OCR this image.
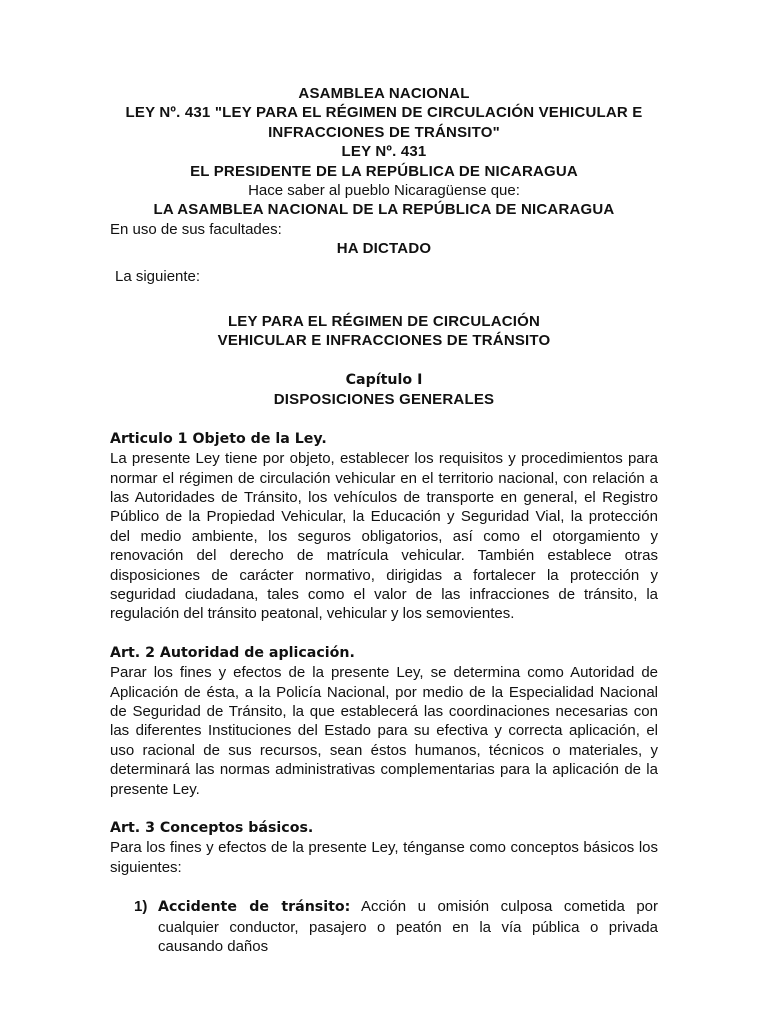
ASAMBLEA NACIONAL
LEY Nº. 431 "LEY PARA EL RÉGIMEN DE CIRCULACIÓN VEHICULAR E
INFRACCIONES DE TRÁNSITO"
LEY Nº. 431
EL PRESIDENTE DE LA REPÚBLICA DE NICARAGUA
Hace saber al pueblo Nicaragüense que:
LA ASAMBLEA NACIONAL DE LA REPÚBLICA DE NICARAGUA
En uso de sus facultades:
HA DICTADO
La siguiente:
LEY PARA EL RÉGIMEN DE CIRCULACIÓN
VEHICULAR E INFRACCIONES DE TRÁNSITO
Capítulo I
DISPOSICIONES GENERALES
Articulo 1 Objeto de la Ley.
La presente Ley tiene por objeto, establecer los requisitos y procedimientos para normar el régimen de circulación vehicular en el territorio nacional, con relación a las Autoridades de Tránsito, los vehículos de transporte en general, el Registro Público de la Propiedad Vehicular, la Educación y Seguridad Vial, la protección del medio ambiente, los seguros obligatorios, así como el otorgamiento y renovación del derecho de matrícula vehicular. También establece otras disposiciones de carácter normativo, dirigidas a fortalecer la protección y seguridad ciudadana, tales como el valor de las infracciones de tránsito, la regulación del tránsito peatonal, vehicular y los semovientes.
Art. 2 Autoridad de aplicación.
Parar los fines y efectos de la presente Ley, se determina como Autoridad de Aplicación de ésta, a la Policía Nacional, por medio de la Especialidad Nacional de Seguridad de Tránsito, la que establecerá las coordinaciones necesarias con las diferentes Instituciones del Estado para su efectiva y correcta aplicación, el uso racional de sus recursos, sean éstos humanos, técnicos o materiales, y determinará las normas administrativas complementarias para la aplicación de la presente Ley.
Art. 3 Conceptos básicos.
Para los fines y efectos de la presente Ley, ténganse como conceptos básicos los siguientes:
1) Accidente de tránsito: Acción u omisión culposa cometida por cualquier conductor, pasajero o peatón en la vía pública o privada causando daños
